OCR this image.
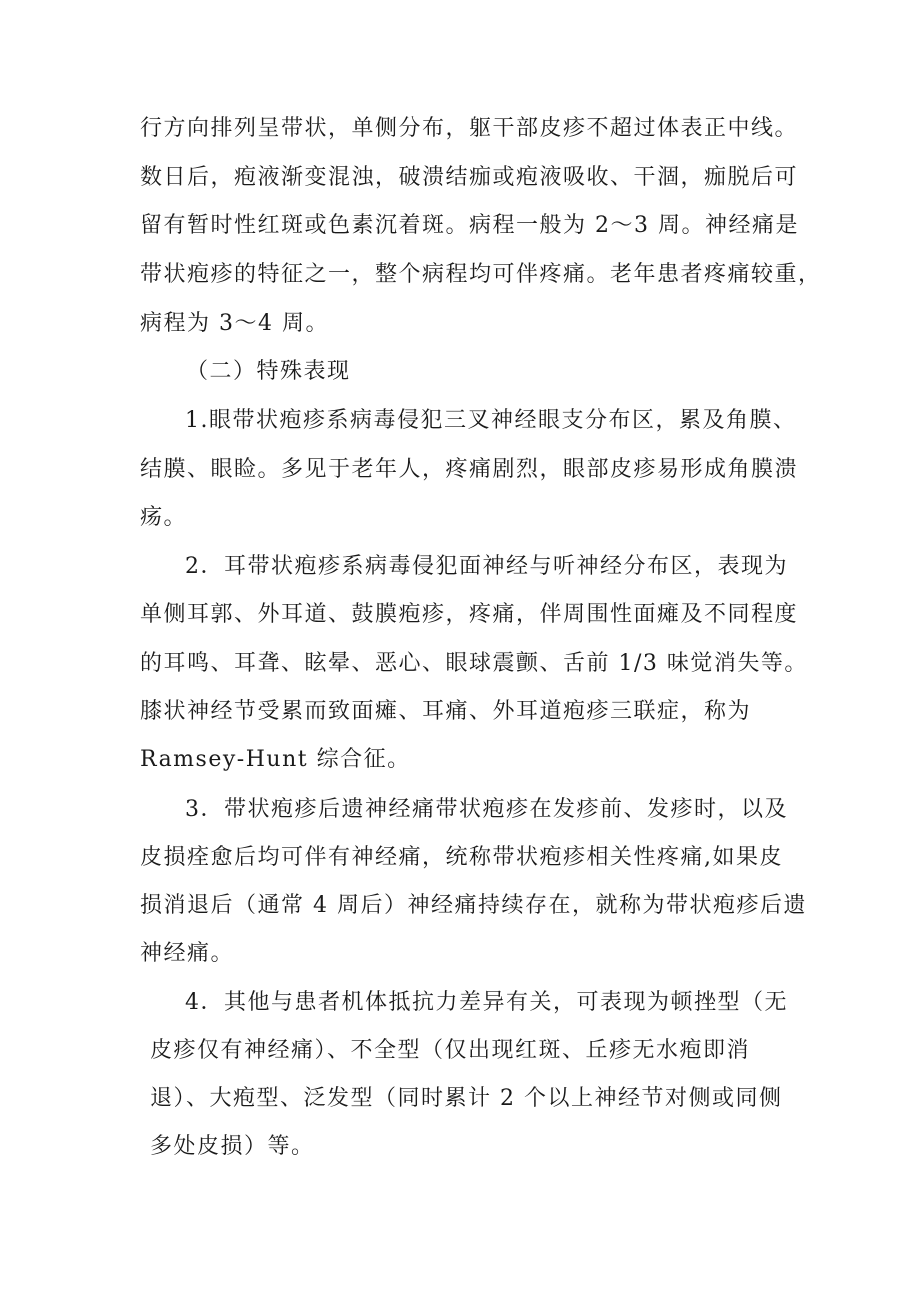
行方向排列呈带状，单侧分布，躯干部皮疹不超过体表正中线。
数日后，疱液渐变混浊，破溃结痂或疱液吸收、干涸，痂脱后可
留有暂时性红斑或色素沉着斑。病程一般为 2～3 周。神经痛是
带状疱疹的特征之一，整个病程均可伴疼痛。老年患者疼痛较重，
病程为 3～4 周。
（二）特殊表现
1.眼带状疱疹系病毒侵犯三叉神经眼支分布区，累及角膜、
结膜、眼睑。多见于老年人，疼痛剧烈，眼部皮疹易形成角膜溃
疡。
2．耳带状疱疹系病毒侵犯面神经与听神经分布区，表现为
单侧耳郭、外耳道、鼓膜疱疹，疼痛，伴周围性面瘫及不同程度
的耳鸣、耳聋、眩晕、恶心、眼球震颤、舌前 1/3 味觉消失等。
膝状神经节受累而致面瘫、耳痛、外耳道疱疹三联症，称为
Ramsey-Hunt 综合征。
3．带状疱疹后遗神经痛带状疱疹在发疹前、发疹时，以及
皮损痊愈后均可伴有神经痛，统称带状疱疹相关性疼痛,如果皮
损消退后（通常 4 周后）神经痛持续存在，就称为带状疱疹后遗
神经痛。
4．其他与患者机体抵抗力差异有关，可表现为顿挫型（无
皮疹仅有神经痛）、不全型（仅出现红斑、丘疹无水疱即消
退）、大疱型、泛发型（同时累计 2 个以上神经节对侧或同侧
多处皮损）等。
